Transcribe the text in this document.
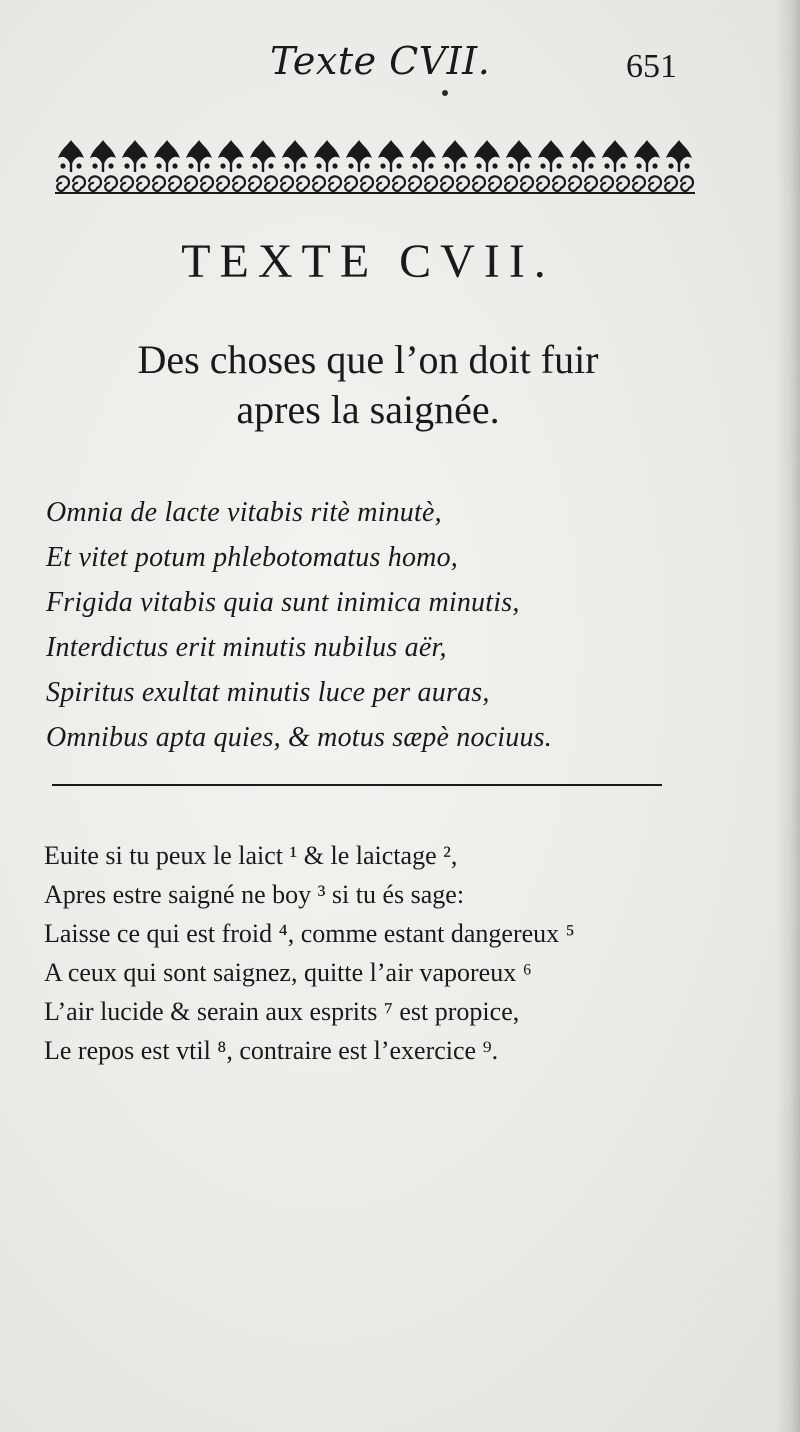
Texte CVII.	651
TEXTE CVII.
Des choses que l’on doit fuir
apres la saignée.
Omnia de lacte vitabis ritè minutè,
Et vitet potum phlebotomatus homo,
Frigida vitabis quia sunt inimica minutis,
Interdictus erit minutis nubilus aër,
Spiritus exultat minutis luce per auras,
Omnibus apta quies, & motus sæpè nociuus.
Euite si tu peux le laict ¹ & le laictage ²,
Apres estre saigné ne boy ³ si tu és sage:
Laisse ce qui est froid ⁴, comme estant dangereux ⁵
A ceux qui sont saignez, quitte l’air vaporeux ⁶
L’air lucide & serain aux esprits ⁷ est propice,
Le repos est vtil ⁸, contraire est l’exercice ⁹.
